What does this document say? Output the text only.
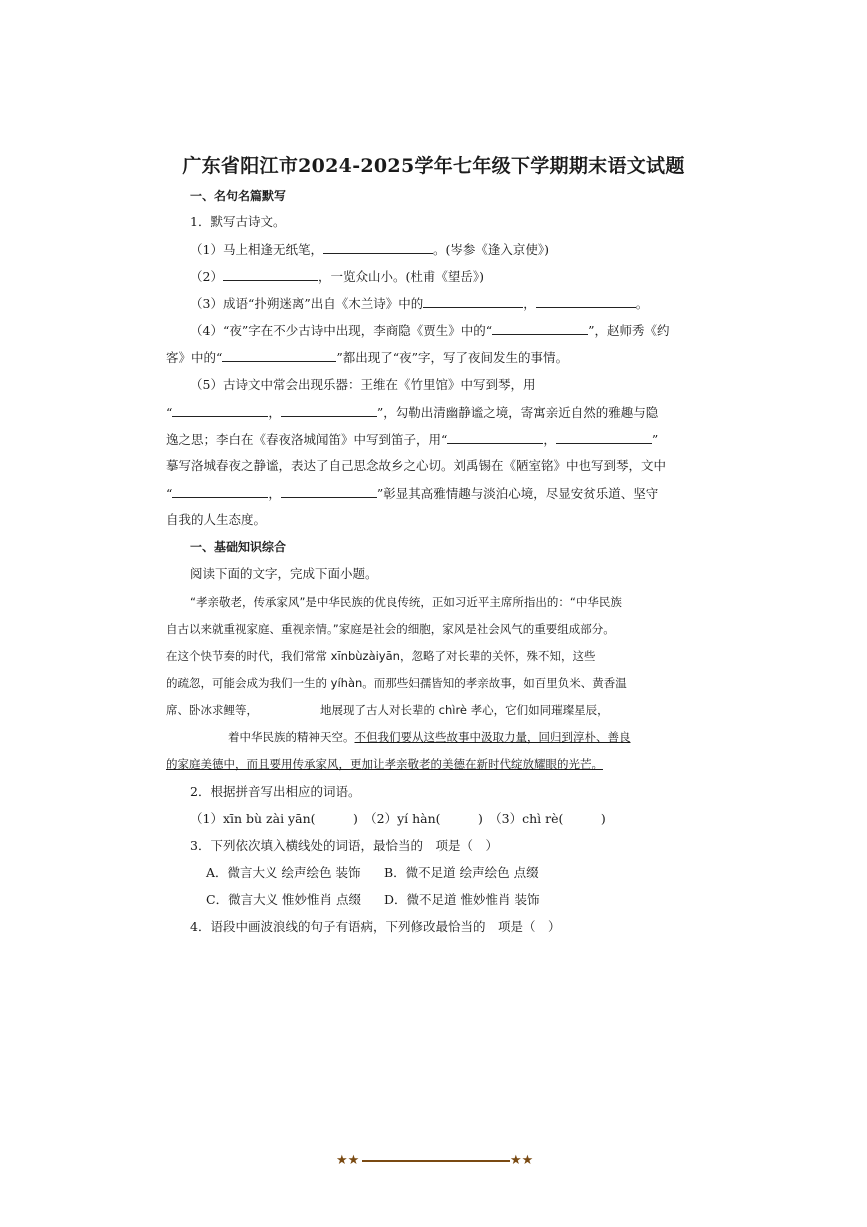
广东省阳江市2024-2025学年七年级下学期期末语文试题
一、名句名篇默写
1．默写古诗文。
（1）马上相逢无纸笔，	。(岑参《逢入京使》)
（2）	，一览众山小。(杜甫《望岳》)
（3）成语“扑朔迷离”出自《木兰诗》中的	，	。
（4）“夜”字在不少古诗中出现，李商隐《贾生》中的“	”，赵师秀《约
客》中的“	”都出现了“夜”字，写了夜间发生的事情。
（5）古诗文中常会出现乐器：王维在《竹里馆》中写到琴，用
“	，	”，勾勒出清幽静谧之境，寄寓亲近自然的雅趣与隐
逸之思；李白在《春夜洛城闻笛》中写到笛子，用“	，	”
摹写洛城春夜之静谧，表达了自己思念故乡之心切。刘禹锡在《陋室铭》中也写到琴，文中
“	，	”彰显其高雅情趣与淡泊心境，尽显安贫乐道、坚守
自我的人生态度。
一、基础知识综合
阅读下面的文字，完成下面小题。
“孝亲敬老，传承家风”是中华民族的优良传统，正如习近平主席所指出的：“中华民族
自古以来就重视家庭、重视亲情。”家庭是社会的细胞，家风是社会风气的重要组成部分。
在这个快节奏的时代，我们常常 xīnbùzàiyān，忽略了对长辈的关怀，殊不知，这些
的疏忽，可能会成为我们一生的 yíhàn。而那些妇孺皆知的孝亲故事，如百里负米、黄香温
席、卧冰求鲤等，	地展现了古人对长辈的 chìrè 孝心，它们如同璀璨星辰，
着中华民族的精神天空。不但我们要从这些故事中汲取力量，回归到淳朴、善良
的家庭美德中，而且要用传承家风，更加让孝亲敬老的美德在新时代绽放耀眼的光芒。
2．根据拼音写出相应的词语。
（1）xīn bù zài yān(　　　)　（2）yí hàn(　　　)　（3）chì rè(　　　)
3．下列依次填入横线处的词语，最恰当的　项是（　）
A．微言大义 绘声绘色 装饰 B．微不足道 绘声绘色 点缀
C．微言大义 惟妙惟肖 点缀 D．微不足道 惟妙惟肖 装饰
4．语段中画波浪线的句子有语病，下列修改最恰当的　项是（　）
★★	★★
